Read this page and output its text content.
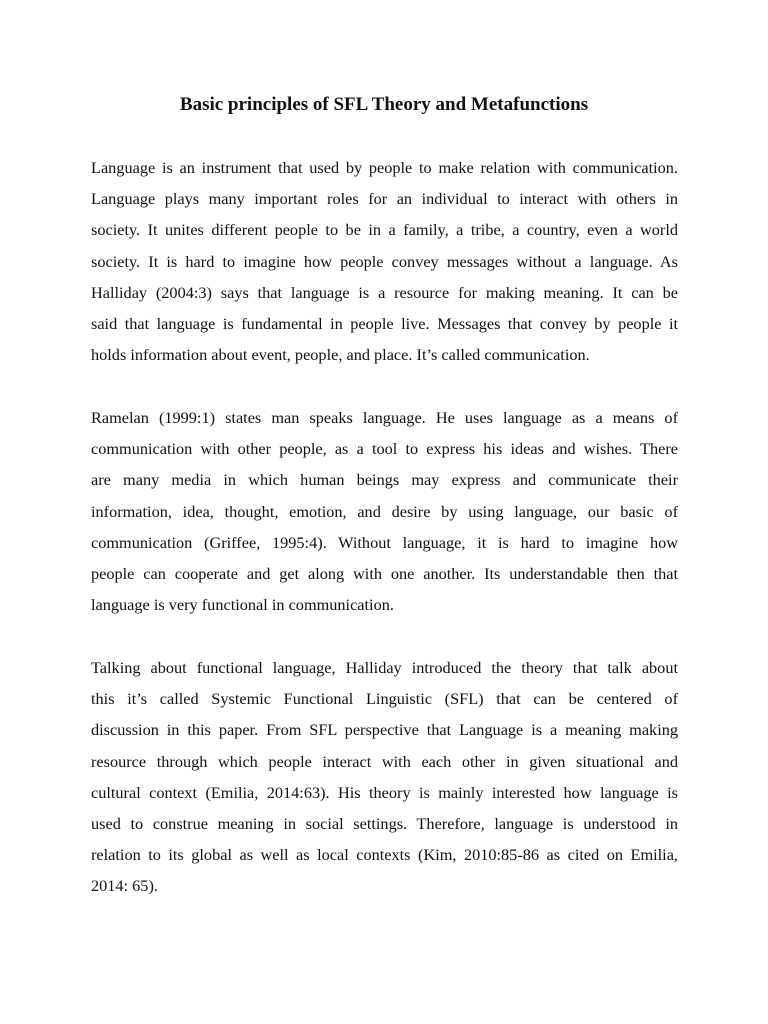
Basic principles of SFL Theory and Metafunctions

Language is an instrument that used by people to make relation with communication.
Language plays many important roles for an individual to interact with others in
society. It unites different people to be in a family, a tribe, a country, even a world
society. It is hard to imagine how people convey messages without a language. As
Halliday (2004:3) says that language is a resource for making meaning. It can be
said that language is fundamental in people live. Messages that convey by people it
holds information about event, people, and place. It’s called communication.

Ramelan (1999:1) states man speaks language. He uses language as a means of
communication with other people, as a tool to express his ideas and wishes. There
are many media in which human beings may express and communicate their
information, idea, thought, emotion, and desire by using language, our basic of
communication (Griffee, 1995:4). Without language, it is hard to imagine how
people can cooperate and get along with one another. Its understandable then that
language is very functional in communication.

Talking about functional language, Halliday introduced the theory that talk about
this it’s called Systemic Functional Linguistic (SFL) that can be centered of
discussion in this paper. From SFL perspective that Language is a meaning making
resource through which people interact with each other in given situational and
cultural context (Emilia, 2014:63). His theory is mainly interested how language is
used to construe meaning in social settings. Therefore, language is understood in
relation to its global as well as local contexts (Kim, 2010:85-86 as cited on Emilia,
2014: 65).
